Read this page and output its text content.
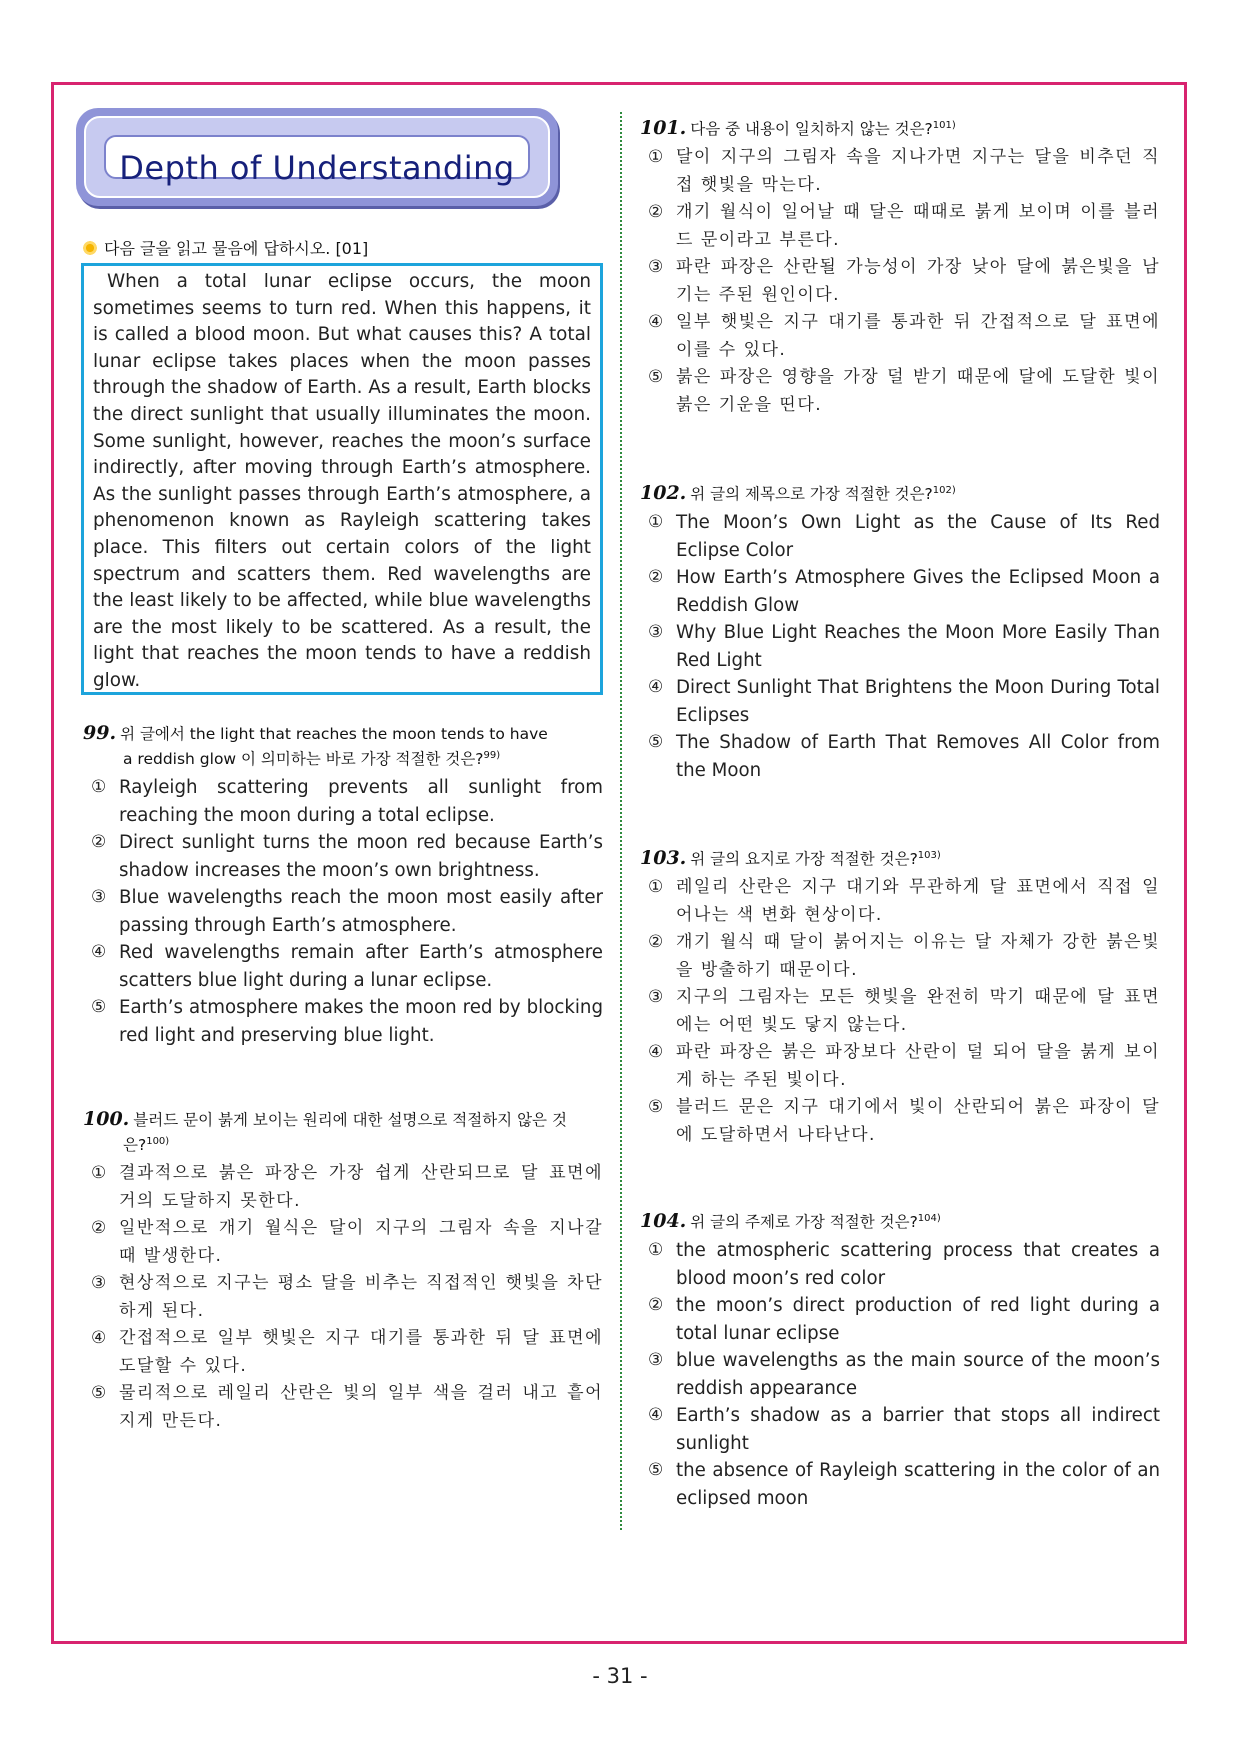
Depth of Understanding
다음 글을 읽고 물음에 답하시오. [01]

When a total lunar eclipse occurs, the moon sometimes seems to turn red. When this happens, it is called a blood moon. But what causes this? A total lunar eclipse takes places when the moon passes through the shadow of Earth. As a result, Earth blocks the direct sunlight that usually illuminates the moon. Some sunlight, however, reaches the moon’s surface indirectly, after moving through Earth’s atmosphere. As the sunlight passes through Earth’s atmosphere, a phenomenon known as Rayleigh scattering takes place. This filters out certain colors of the light spectrum and scatters them. Red wavelengths are the least likely to be affected, while blue wavelengths are the most likely to be scattered. As a result, the light that reaches the moon tends to have a reddish glow.

99. 위 글에서 the light that reaches the moon tends to have
a reddish glow 이 의미하는 바로 가장 적절한 것은?$^{99)}$
① Rayleigh scattering prevents all sunlight from reaching the moon during a total eclipse.
② Direct sunlight turns the moon red because Earth’s shadow increases the moon’s own brightness.
③ Blue wavelengths reach the moon most easily after passing through Earth’s atmosphere.
④ Red wavelengths remain after Earth’s atmosphere scatters blue light during a lunar eclipse.
⑤ Earth’s atmosphere makes the moon red by blocking red light and preserving blue light.
100. 블러드 문이 붉게 보이는 원리에 대한 설명으로 적절하지 않은 것
은?$^{100)}$
① 결과적으로 붉은 파장은 가장 쉽게 산란되므로 달 표면에 거의 도달하지 못한다.
② 일반적으로 개기 월식은 달이 지구의 그림자 속을 지나갈 때 발생한다.
③ 현상적으로 지구는 평소 달을 비추는 직접적인 햇빛을 차단하게 된다.
④ 간접적으로 일부 햇빛은 지구 대기를 통과한 뒤 달 표면에 도달할 수 있다.
⑤ 물리적으로 레일리 산란은 빛의 일부 색을 걸러 내고 흩어지게 만든다.
101. 다음 중 내용이 일치하지 않는 것은?$^{101)}$
① 달이 지구의 그림자 속을 지나가면 지구는 달을 비추던 직접 햇빛을 막는다.
② 개기 월식이 일어날 때 달은 때때로 붉게 보이며 이를 블러드 문이라고 부른다.
③ 파란 파장은 산란될 가능성이 가장 낮아 달에 붉은빛을 남기는 주된 원인이다.
④ 일부 햇빛은 지구 대기를 통과한 뒤 간접적으로 달 표면에 이를 수 있다.
⑤ 붉은 파장은 영향을 가장 덜 받기 때문에 달에 도달한 빛이 붉은 기운을 띤다.
102. 위 글의 제목으로 가장 적절한 것은?$^{102)}$
① The Moon’s Own Light as the Cause of Its Red Eclipse Color
② How Earth’s Atmosphere Gives the Eclipsed Moon a Reddish Glow
③ Why Blue Light Reaches the Moon More Easily Than Red Light
④ Direct Sunlight That Brightens the Moon During Total Eclipses
⑤ The Shadow of Earth That Removes All Color from the Moon
103. 위 글의 요지로 가장 적절한 것은?$^{103)}$
① 레일리 산란은 지구 대기와 무관하게 달 표면에서 직접 일어나는 색 변화 현상이다.
② 개기 월식 때 달이 붉어지는 이유는 달 자체가 강한 붉은빛을 방출하기 때문이다.
③ 지구의 그림자는 모든 햇빛을 완전히 막기 때문에 달 표면에는 어떤 빛도 닿지 않는다.
④ 파란 파장은 붉은 파장보다 산란이 덜 되어 달을 붉게 보이게 하는 주된 빛이다.
⑤ 블러드 문은 지구 대기에서 빛이 산란되어 붉은 파장이 달에 도달하면서 나타난다.
104. 위 글의 주제로 가장 적절한 것은?$^{104)}$
① the atmospheric scattering process that creates a blood moon’s red color
② the moon’s direct production of red light during a total lunar eclipse
③ blue wavelengths as the main source of the moon’s reddish appearance
④ Earth’s shadow as a barrier that stops all indirect sunlight
⑤ the absence of Rayleigh scattering in the color of an eclipsed moon
- 31 -
